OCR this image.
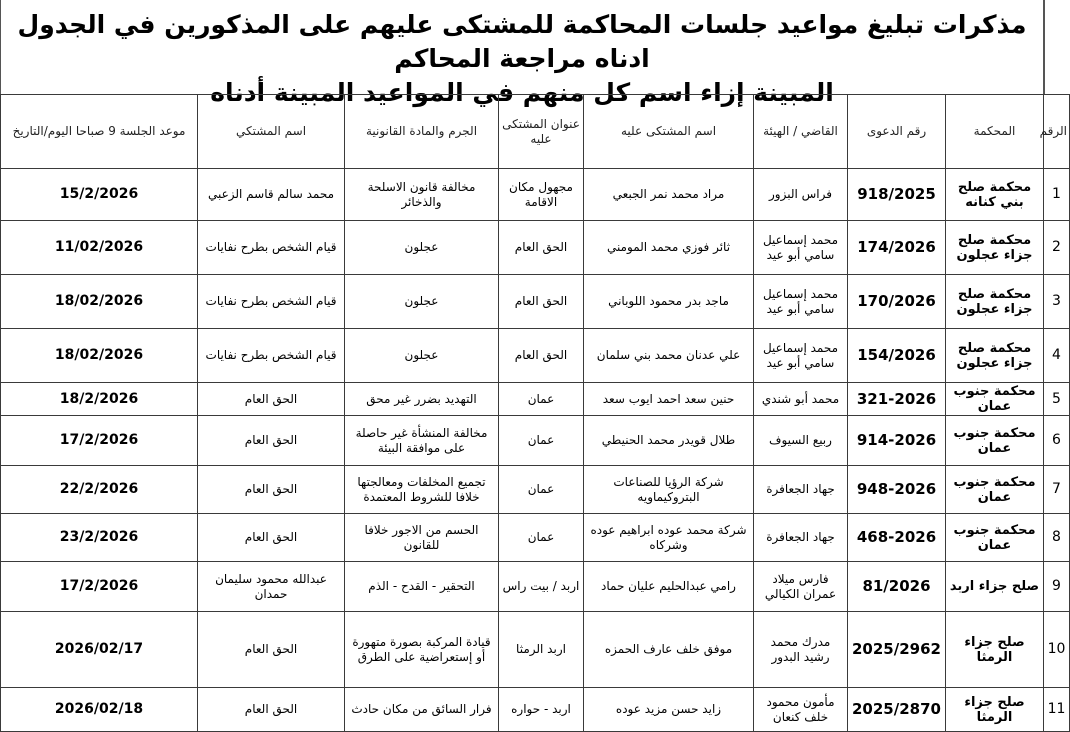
مذكرات تبليغ مواعيد جلسات المحاكمة للمشتكى عليهم على المذكورين في الجدول ادناه مراجعة المحاكم
المبينة إزاء اسم كل منهم في المواعيد المبينة أدناه
الرقم	المحكمة	رقم الدعوى	القاضي / الهيئة	اسم المشتكى عليه	عنوان المشتكى عليه	الجرم والمادة القانونية	اسم المشتكي	موعد الجلسة 9 صباحا اليوم/التاريخ
1	محكمة صلح بني كنانه	918/2025	فراس البزور	مراد محمد نمر الجبعي	مجهول مكان الاقامة	مخالفة قانون الاسلحة والذخائر	محمد سالم قاسم الزعبي	15/2/2026
2	محكمة صلح جزاء عجلون	174/2026	محمد إسماعيل سامي أبو عيد	ثائر فوزي محمد المومني	الحق العام	عجلون	قيام الشخص بطرح نفايات	11/02/2026
3	محكمة صلح جزاء عجلون	170/2026	محمد إسماعيل سامي أبو عيد	ماجد بدر محمود اللوباني	الحق العام	عجلون	قيام الشخص بطرح نفايات	18/02/2026
4	محكمة صلح جزاء عجلون	154/2026	محمد إسماعيل سامي أبو عيد	علي عدنان محمد بني سلمان	الحق العام	عجلون	قيام الشخص بطرح نفايات	18/02/2026
5	محكمة جنوب عمان	321-2026	محمد أبو شندي	حنين سعد احمد ايوب سعد	عمان	التهديد بضرر غير محق	الحق العام	18/2/2026
6	محكمة جنوب عمان	914-2026	ربيع السيوف	طلال قويدر محمد الحنيطي	عمان	مخالفة المنشأة غير حاصلة على موافقة البيئة	الحق العام	17/2/2026
7	محكمة جنوب عمان	948-2026	جهاد الجعافرة	شركة الرؤيا للصناعات البتروكيماويه	عمان	تجميع المخلفات ومعالجتها خلافا للشروط المعتمدة	الحق العام	22/2/2026
8	محكمة جنوب عمان	468-2026	جهاد الجعافرة	شركة محمد عوده ابراهيم عوده وشركاه	عمان	الحسم من الاجور خلافا للقانون	الحق العام	23/2/2026
9	صلح جزاء اربد	81/2026	فارس ميلاد عمران الكيالي	رامي عبدالحليم عليان حماد	اربد / بيت راس	التحقير - القدح - الذم	عبدالله محمود سليمان حمدان	17/2/2026
10	صلح جزاء الرمثا	2025/2962	مدرك محمد رشيد البدور	موفق خلف عارف الحمزه	اربد الرمثا	قيادة المركبة بصورة متهورة أو إستعراضية على الطرق	الحق العام	2026/02/17
11	صلح جزاء الرمثا	2025/2870	مأمون محمود خلف كنعان	زايد حسن مزيد عوده	اربد - حواره	فرار السائق من مكان حادث	الحق العام	2026/02/18
